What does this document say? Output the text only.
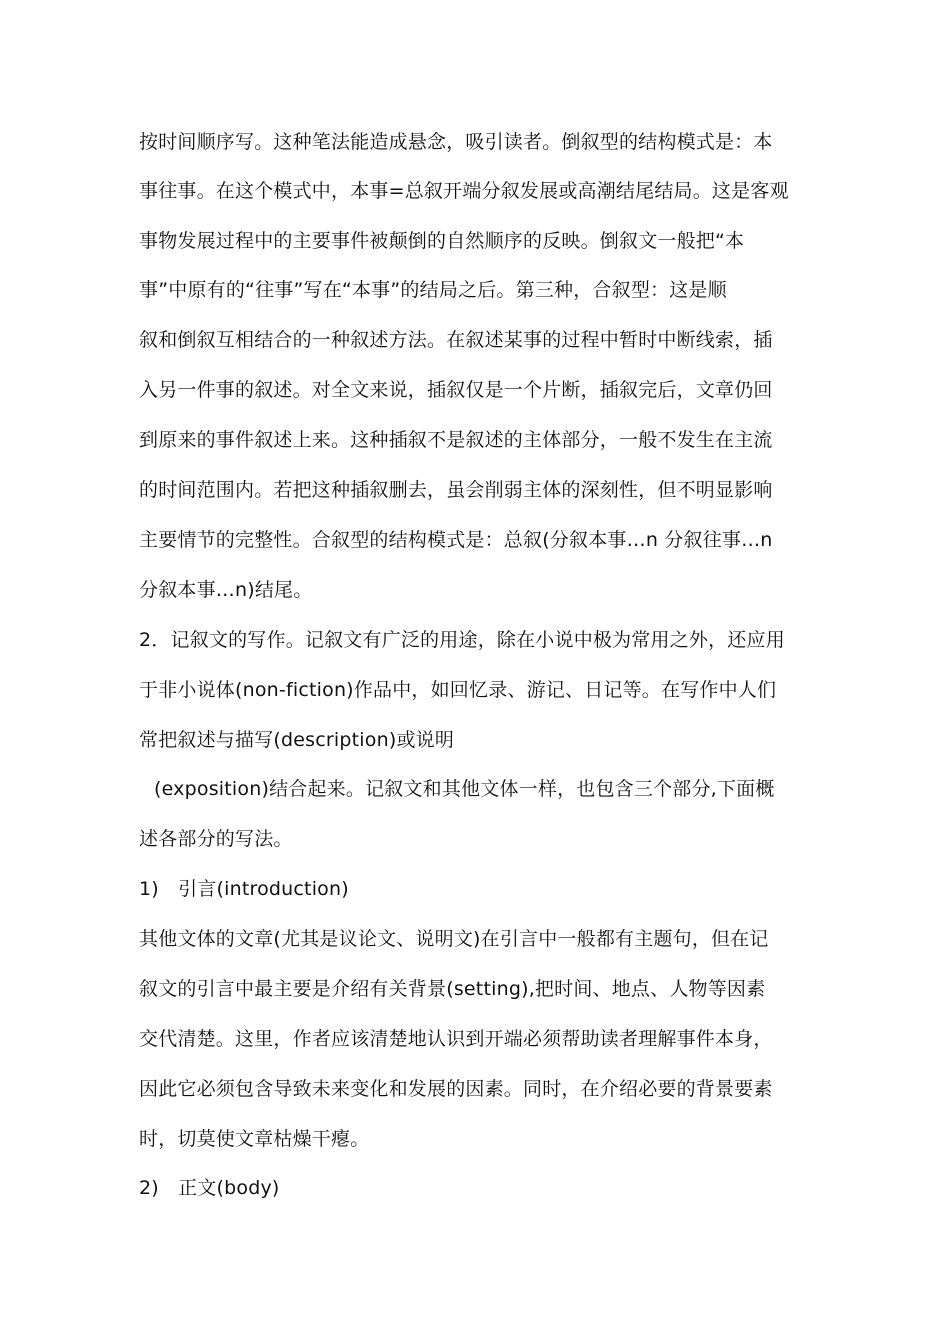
按时间顺序写。这种笔法能造成悬念，吸引读者。倒叙型的结构模式是：本
事往事。在这个模式中，本事=总叙开端分叙发展或高潮结尾结局。这是客观
事物发展过程中的主要事件被颠倒的自然顺序的反映。倒叙文一般把“本
事”中原有的“往事”写在“本事”的结局之后。第三种，合叙型：这是顺
叙和倒叙互相结合的一种叙述方法。在叙述某事的过程中暂时中断线索，插
入另一件事的叙述。对全文来说，插叙仅是一个片断，插叙完后，文章仍回
到原来的事件叙述上来。这种插叙不是叙述的主体部分，一般不发生在主流
的时间范围内。若把这种插叙删去，虽会削弱主体的深刻性，但不明显影响
主要情节的完整性。合叙型的结构模式是：总叙(分叙本事…n 分叙往事…n
分叙本事…n)结尾。
2．记叙文的写作。记叙文有广泛的用途，除在小说中极为常用之外，还应用
于非小说体(non-fiction)作品中，如回忆录、游记、日记等。在写作中人们
常把叙述与描写(description)或说明
(exposition)结合起来。记叙文和其他文体一样，也包含三个部分,下面概
述各部分的写法。
1)　引言(introduction)
其他文体的文章(尤其是议论文、说明文)在引言中一般都有主题句，但在记
叙文的引言中最主要是介绍有关背景(setting),把时间、地点、人物等因素
交代清楚。这里，作者应该清楚地认识到开端必须帮助读者理解事件本身，
因此它必须包含导致未来变化和发展的因素。同时，在介绍必要的背景要素
时，切莫使文章枯燥干瘪。
2)　正文(body)
